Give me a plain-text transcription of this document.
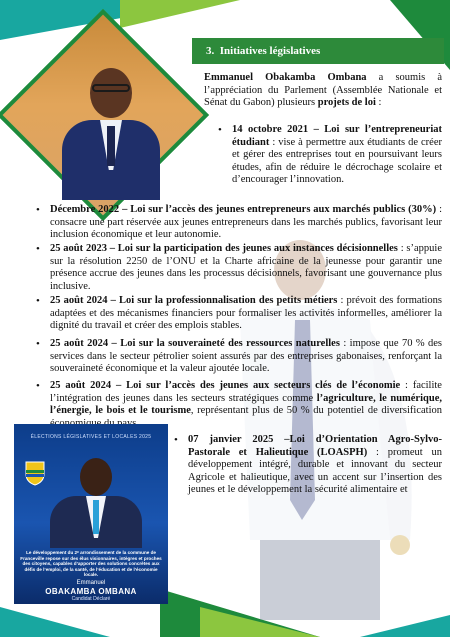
3. Initiatives législatives

Emmanuel Obakamba Ombana a soumis à l’appréciation du Parlement (Assemblée Nationale et Sénat du Gabon) plusieurs projets de loi :

• 14 octobre 2021 – Loi sur l’entrepreneuriat étudiant : vise à permettre aux étudiants de créer et gérer des entreprises tout en poursuivant leurs études, afin de réduire le décrochage scolaire et d’encourager l’innovation.

• Décembre 2022 – Loi sur l’accès des jeunes entrepreneurs aux marchés publics (30%) : consacre une part réservée aux jeunes entrepreneurs dans les marchés publics, favorisant leur inclusion économique et leur autonomie.

• 25 août 2023 – Loi sur la participation des jeunes aux instances décisionnelles : s’appuie sur la résolution 2250 de l’ONU et la Charte africaine de la jeunesse pour garantir une présence accrue des jeunes dans les processus décisionnels, favorisant une gouvernance plus inclusive.

• 25 août 2024 – Loi sur la professionnalisation des petits métiers : prévoit des formations adaptées et des mécanismes financiers pour formaliser les activités informelles, améliorer la dignité du travail et créer des emplois stables.

• 25 août 2024 – Loi sur la souveraineté des ressources naturelles : impose que 70 % des services dans le secteur pétrolier soient assurés par des entreprises gabonaises, renforçant la souveraineté économique et la valeur ajoutée locale.

• 25 août 2024 – Loi sur l’accès des jeunes aux secteurs clés de l’économie : facilite l’intégration des jeunes dans les secteurs stratégiques comme l’agriculture, le numérique, l’énergie, le bois et le tourisme, représentant plus de 50 % du potentiel de diversification

• 07 janvier 2025 –Loi d’Orientation Agro-Sylvo-Pastorale et Halieutique (LOASPH) : promeut un développement intégré, durable et innovant du secteur Agricole et halieutique, avec un accent sur l’insertion des jeunes et le développement la sécurité alimentaire et

ÉLECTIONS LÉGISLATIVES ET LOCALES 2025
Le développement du 2ᵉ arrondissement de la commune de Franceville repose sur des élus visionnaires, intègres et proches des citoyens, capables d’apporter des solutions concrètes aux défis de l’emploi, de la santé, de l’éducation et de l’économie locale.
Emmanuel
OBAKAMBA OMBANA
Candidat Déclaré
